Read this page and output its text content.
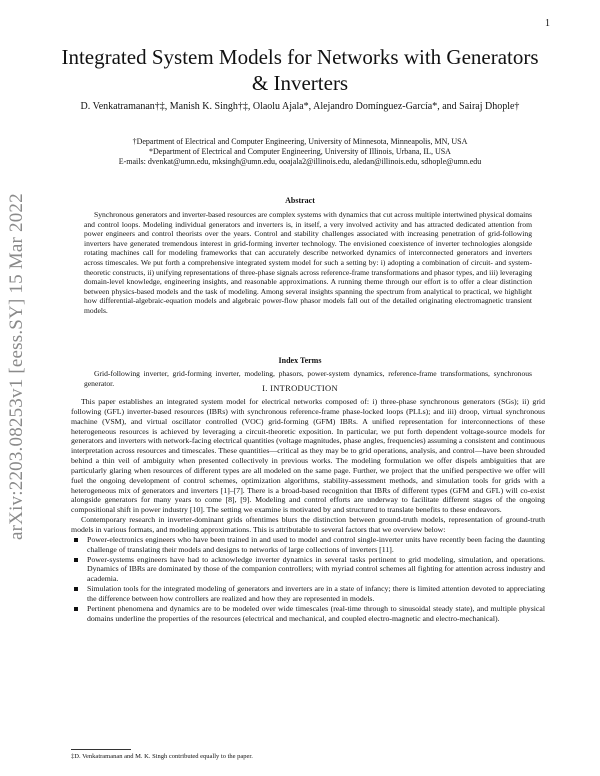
1
arXiv:2203.08253v1 [eess.SY] 15 Mar 2022
Integrated System Models for Networks with Generators & Inverters
D. Venkatramanan†‡, Manish K. Singh†‡, Olaolu Ajala*, Alejandro Domínguez-García*, and Sairaj Dhople†
†Department of Electrical and Computer Engineering, University of Minnesota, Minneapolis, MN, USA
*Department of Electrical and Computer Engineering, University of Illinois, Urbana, IL, USA
E-mails: dvenkat@umn.edu, mksingh@umn.edu, ooajala2@illinois.edu, aledan@illinois.edu, sdhople@umn.edu
Abstract
Synchronous generators and inverter-based resources are complex systems with dynamics that cut across multiple intertwined physical domains and control loops. Modeling individual generators and inverters is, in itself, a very involved activity and has attracted dedicated attention from power engineers and control theorists over the years. Control and stability challenges associated with increasing penetration of grid-following inverters have generated tremendous interest in grid-forming inverter technology. The envisioned coexistence of inverter technologies alongside rotating machines call for modeling frameworks that can accurately describe networked dynamics of interconnected generators and inverters across timescales. We put forth a comprehensive integrated system model for such a setting by: i) adopting a combination of circuit- and system-theoretic constructs, ii) unifying representations of three-phase signals across reference-frame transformations and phasor types, and iii) leveraging domain-level knowledge, engineering insights, and reasonable approximations. A running theme through our effort is to offer a clear distinction between physics-based models and the task of modeling. Among several insights spanning the spectrum from analytical to practical, we highlight how differential-algebraic-equation models and algebraic power-flow phasor models fall out of the detailed originating electromagnetic transient models.
Index Terms
Grid-following inverter, grid-forming inverter, modeling, phasors, power-system dynamics, reference-frame transformations, synchronous generator.	I. INTRODUCTION

This paper establishes an integrated system model for electrical networks composed of: i) three-phase synchronous generators (SGs); ii) grid following (GFL) inverter-based resources (IBRs) with synchronous reference-frame phase-locked loops (PLLs); and iii) droop, virtual synchronous machine (VSM), and virtual oscillator controlled (VOC) grid-forming (GFM) IBRs. A unified representation for interconnections of these heterogeneous resources is achieved by leveraging a circuit-theoretic exposition. In particular, we put forth dependent voltage-source models for generators and inverters with network-facing electrical quantities (voltage magnitudes, phase angles, frequencies) assuming a consistent and continuous interpretation across resources and timescales. These quantities—critical as they may be to grid operations, analysis, and control—have been shrouded behind a thin veil of ambiguity when presented collectively in previous works. The modeling formulation we offer dispels ambiguities that are particularly glaring when resources of different types are all modeled on the same page. Further, we project that the unified perspective we offer will fuel the ongoing development of control schemes, optimization algorithms, stability-assessment methods, and simulation tools for grids with a heterogeneous mix of generators and inverters [1]–[7]. There is a broad-based recognition that IBRs of different types (GFM and GFL) will co-exist alongside generators for many years to come [8], [9]. Modeling and control efforts are underway to facilitate different stages of the ongoing compositional shift in power industry [10]. The setting we examine is motivated by and structured to translate benefits to these endeavors.

Contemporary research in inverter-dominant grids oftentimes blurs the distinction between ground-truth models, representation of ground-truth models in various formats, and modeling approximations. This is attributable to several factors that we overview below:

Power-electronics engineers who have been trained in and used to model and control single-inverter units have recently been facing the daunting challenge of translating their models and designs to networks of large collections of inverters [11].
Power-systems engineers have had to acknowledge inverter dynamics in several tasks pertinent to grid modeling, simulation, and operations. Dynamics of IBRs are dominated by those of the companion controllers; with myriad control schemes all fighting for attention across industry and academia.
Simulation tools for the integrated modeling of generators and inverters are in a state of infancy; there is limited attention devoted to appreciating the difference between how controllers are realized and how they are represented in models.
Pertinent phenomena and dynamics are to be modeled over wide timescales (real-time through to sinusoidal steady state), and multiple physical domains underline the properties of the resources (electrical and mechanical, and coupled electro-magnetic and electro-mechanical).
‡D. Venkatramanan and M. K. Singh contributed equally to the paper.
